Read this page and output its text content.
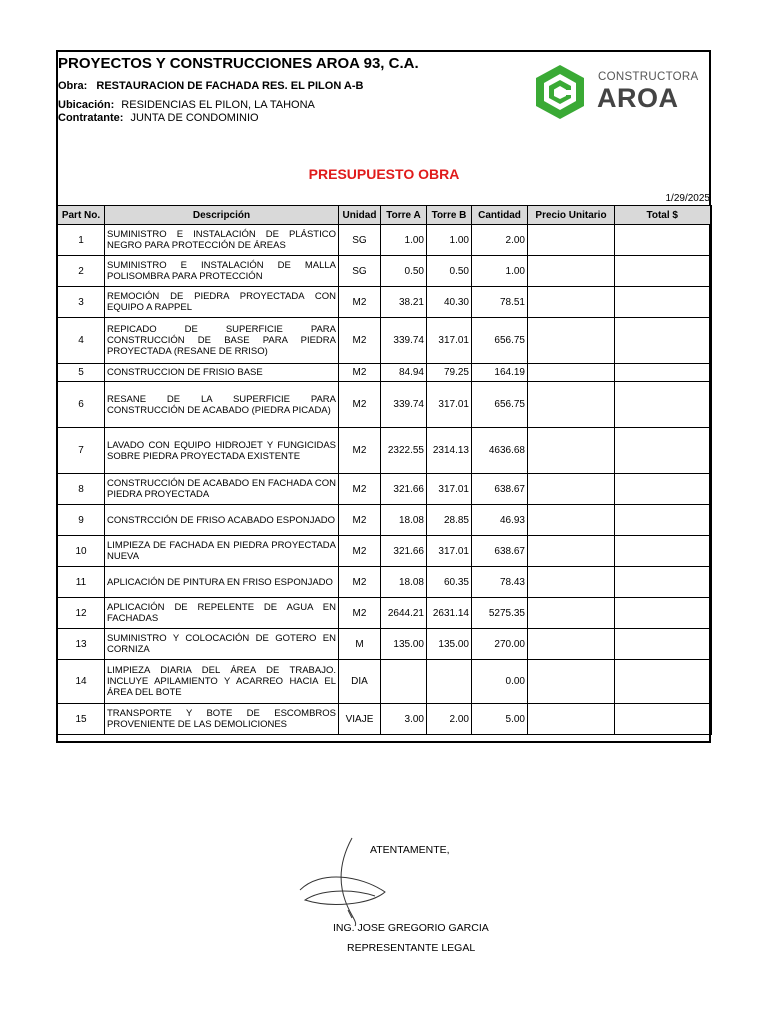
PROYECTOS Y CONSTRUCCIONES AROA 93, C.A.
Obra: RESTAURACION DE FACHADA RES. EL PILON A-B
Ubicación: RESIDENCIAS EL PILON, LA TAHONA
Contratante: JUNTA DE CONDOMINIO
CONSTRUCTORA
AROA
PRESUPUESTO OBRA
1/29/2025
Part No.	Descripción	Unidad	Torre A	Torre B	Cantidad	Precio Unitario	Total $
1	SUMINISTRO E INSTALACIÓN DE PLÁSTICO NEGRO PARA PROTECCIÓN DE ÁREAS	SG	1.00	1.00	2.00		
2	SUMINISTRO E INSTALACIÓN DE MALLA POLISOMBRA PARA PROTECCIÓN	SG	0.50	0.50	1.00		
3	REMOCIÓN DE PIEDRA PROYECTADA CON EQUIPO A RAPPEL	M2	38.21	40.30	78.51		
4	REPICADO DE SUPERFICIE PARA CONSTRUCCIÓN DE BASE PARA PIEDRA PROYECTADA (RESANE DE RRISO)	M2	339.74	317.01	656.75		
5	CONSTRUCCION DE FRISIO BASE	M2	84.94	79.25	164.19		
6	RESANE DE LA SUPERFICIE PARA CONSTRUCCIÓN DE ACABADO (PIEDRA PICADA)	M2	339.74	317.01	656.75		
7	LAVADO CON EQUIPO HIDROJET Y FUNGICIDAS SOBRE PIEDRA PROYECTADA EXISTENTE	M2	2322.55	2314.13	4636.68		
8	CONSTRUCCIÓN DE ACABADO EN FACHADA CON PIEDRA PROYECTADA	M2	321.66	317.01	638.67		
9	CONSTRCCIÓN DE FRISO ACABADO ESPONJADO	M2	18.08	28.85	46.93		
10	LIMPIEZA DE FACHADA EN PIEDRA PROYECTADA NUEVA	M2	321.66	317.01	638.67		
11	APLICACIÓN DE PINTURA EN FRISO ESPONJADO	M2	18.08	60.35	78.43		
12	APLICACIÓN DE REPELENTE DE AGUA EN FACHADAS	M2	2644.21	2631.14	5275.35		
13	SUMINISTRO Y COLOCACIÓN DE GOTERO EN CORNIZA	M	135.00	135.00	270.00		
14	LIMPIEZA DIARIA DEL ÁREA DE TRABAJO. INCLUYE APILAMIENTO Y ACARREO HACIA EL ÁREA DEL BOTE	DIA			0.00		
15	TRANSPORTE Y BOTE DE ESCOMBROS PROVENIENTE DE LAS DEMOLICIONES	VIAJE	3.00	2.00	5.00		
ATENTAMENTE,
ING. JOSE GREGORIO GARCIA
REPRESENTANTE LEGAL
